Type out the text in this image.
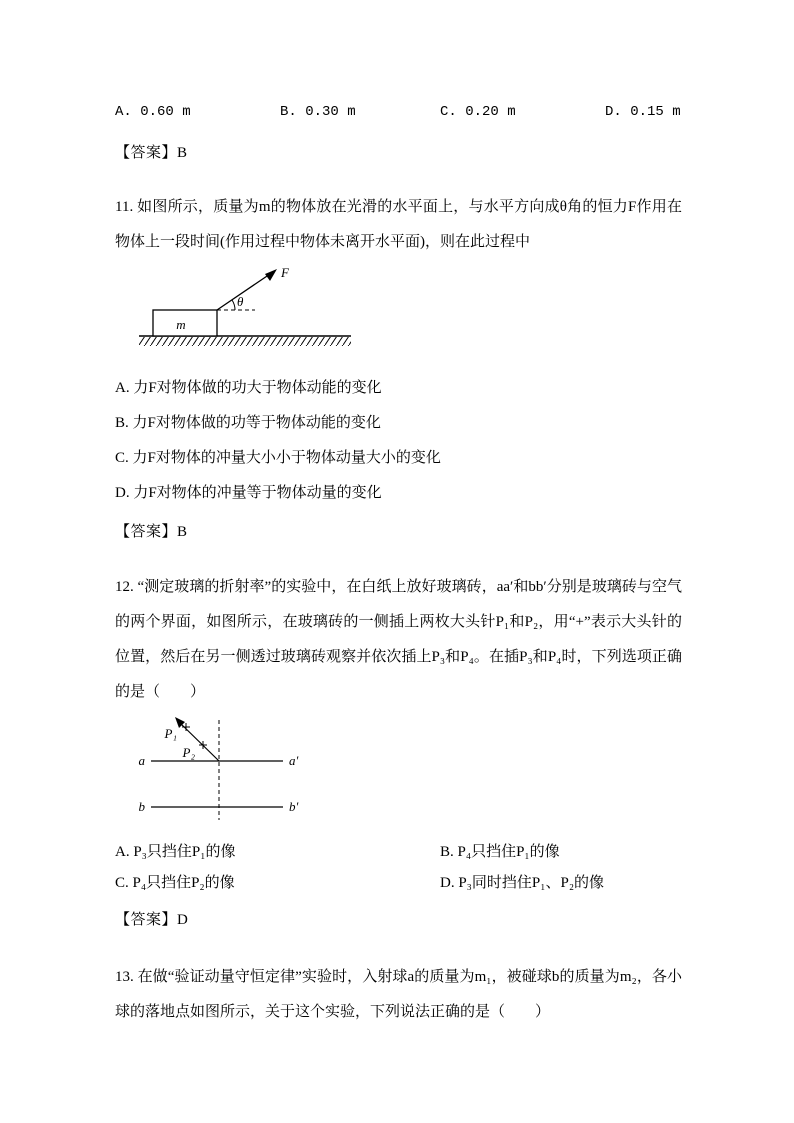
A. 0.60 m	B. 0.30 m	C. 0.20 m	D. 0.15 m

【答案】B

11. 如图所示，质量为m的物体放在光滑的水平面上，与水平方向成θ角的恒力F作用在物体上一段时间(作用过程中物体未离开水平面)，则在此过程中

m
F
θ

A. 力F对物体做的功大于物体动能的变化

B. 力F对物体做的功等于物体动能的变化

C. 力F对物体的冲量大小小于物体动量大小的变化

D. 力F对物体的冲量等于物体动量的变化

【答案】B

12. “测定玻璃的折射率”的实验中，在白纸上放好玻璃砖，aa′和bb′分别是玻璃砖与空气的两个界面，如图所示，在玻璃砖的一侧插上两枚大头针P₁和P₂，用“+”表示大头针的位置，然后在另一侧透过玻璃砖观察并依次插上P₃和P₄。在插P₃和P₄时，下列选项正确的是（　　）

a	a′
b	b′
P₁
P₂
A. P₃只挡住P₁的像	B. P₄只挡住P₁的像
C. P₄只挡住P₂的像	D. P₃同时挡住P₁、P₂的像

【答案】D

13. 在做“验证动量守恒定律”实验时，入射球a的质量为m₁，被碰球b的质量为m₂，各小球的落地点如图所示，关于这个实验，下列说法正确的是（　　）
